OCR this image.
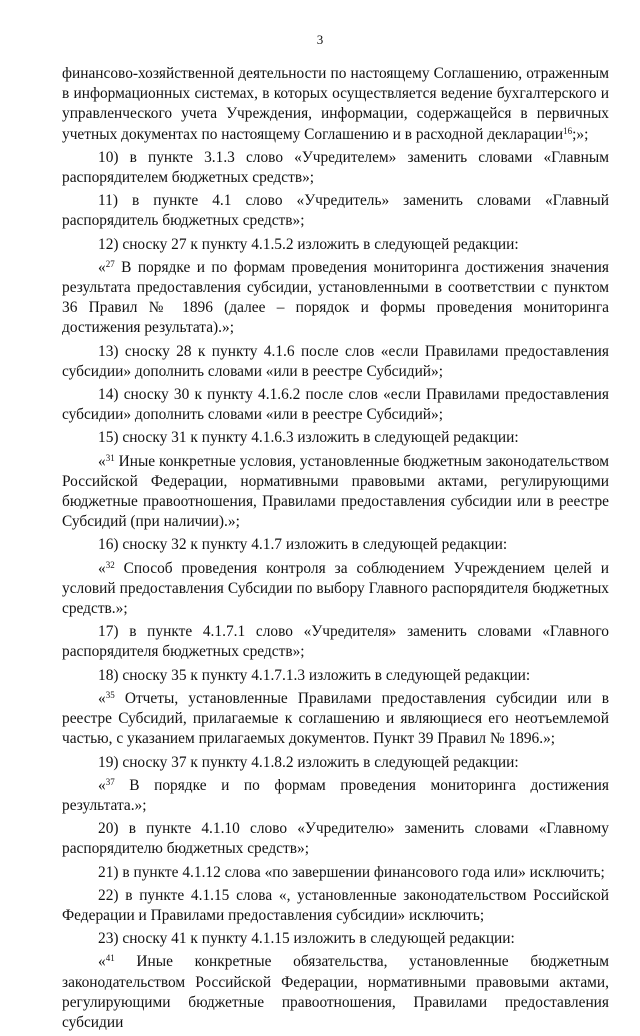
3

финансово-хозяйственной деятельности по настоящему Соглашению, отраженным в информационных системах, в которых осуществляется ведение бухгалтерского и управленческого учета Учреждения, информации, содержащейся в первичных учетных документах по настоящему Соглашению и в расходной декларации$^{16}$;»;

10) в пункте 3.1.3 слово «Учредителем» заменить словами «Главным распорядителем бюджетных средств»;

11) в пункте 4.1 слово «Учредитель» заменить словами «Главный распорядитель бюджетных средств»;

12) сноску 27 к пункту 4.1.5.2 изложить в следующей редакции:

«$^{27}$ В порядке и по формам проведения мониторинга достижения значения результата предоставления субсидии, установленными в соответствии с пунктом 36 Правил № 1896 (далее – порядок и формы проведения мониторинга достижения результата).»;

13) сноску 28 к пункту 4.1.6 после слов «если Правилами предоставления субсидии» дополнить словами «или в реестре Субсидий»;

14) сноску 30 к пункту 4.1.6.2 после слов «если Правилами предоставления субсидии» дополнить словами «или в реестре Субсидий»;

15) сноску 31 к пункту 4.1.6.3 изложить в следующей редакции:

«$^{31}$ Иные конкретные условия, установленные бюджетным законодательством Российской Федерации, нормативными правовыми актами, регулирующими бюджетные правоотношения, Правилами предоставления субсидии или в реестре Субсидий (при наличии).»;

16) сноску 32 к пункту 4.1.7 изложить в следующей редакции:

«$^{32}$ Способ проведения контроля за соблюдением Учреждением целей и условий предоставления Субсидии по выбору Главного распорядителя бюджетных средств.»;

17) в пункте 4.1.7.1 слово «Учредителя» заменить словами «Главного распорядителя бюджетных средств»;

18) сноску 35 к пункту 4.1.7.1.3 изложить в следующей редакции:

«$^{35}$ Отчеты, установленные Правилами предоставления субсидии или в реестре Субсидий, прилагаемые к соглашению и являющиеся его неотъемлемой частью, с указанием прилагаемых документов. Пункт 39 Правил № 1896.»;

19) сноску 37 к пункту 4.1.8.2 изложить в следующей редакции:

«$^{37}$ В порядке и по формам проведения мониторинга достижения результата.»;

20) в пункте 4.1.10 слово «Учредителю» заменить словами «Главному распорядителю бюджетных средств»;

21) в пункте 4.1.12 слова «по завершении финансового года или» исключить;

22) в пункте 4.1.15 слова «, установленные законодательством Российской Федерации и Правилами предоставления субсидии» исключить;

23) сноску 41 к пункту 4.1.15 изложить в следующей редакции:

«$^{41}$ Иные конкретные обязательства, установленные бюджетным законодательством Российской Федерации, нормативными правовыми актами, регулирующими бюджетные правоотношения, Правилами предоставления субсидии
